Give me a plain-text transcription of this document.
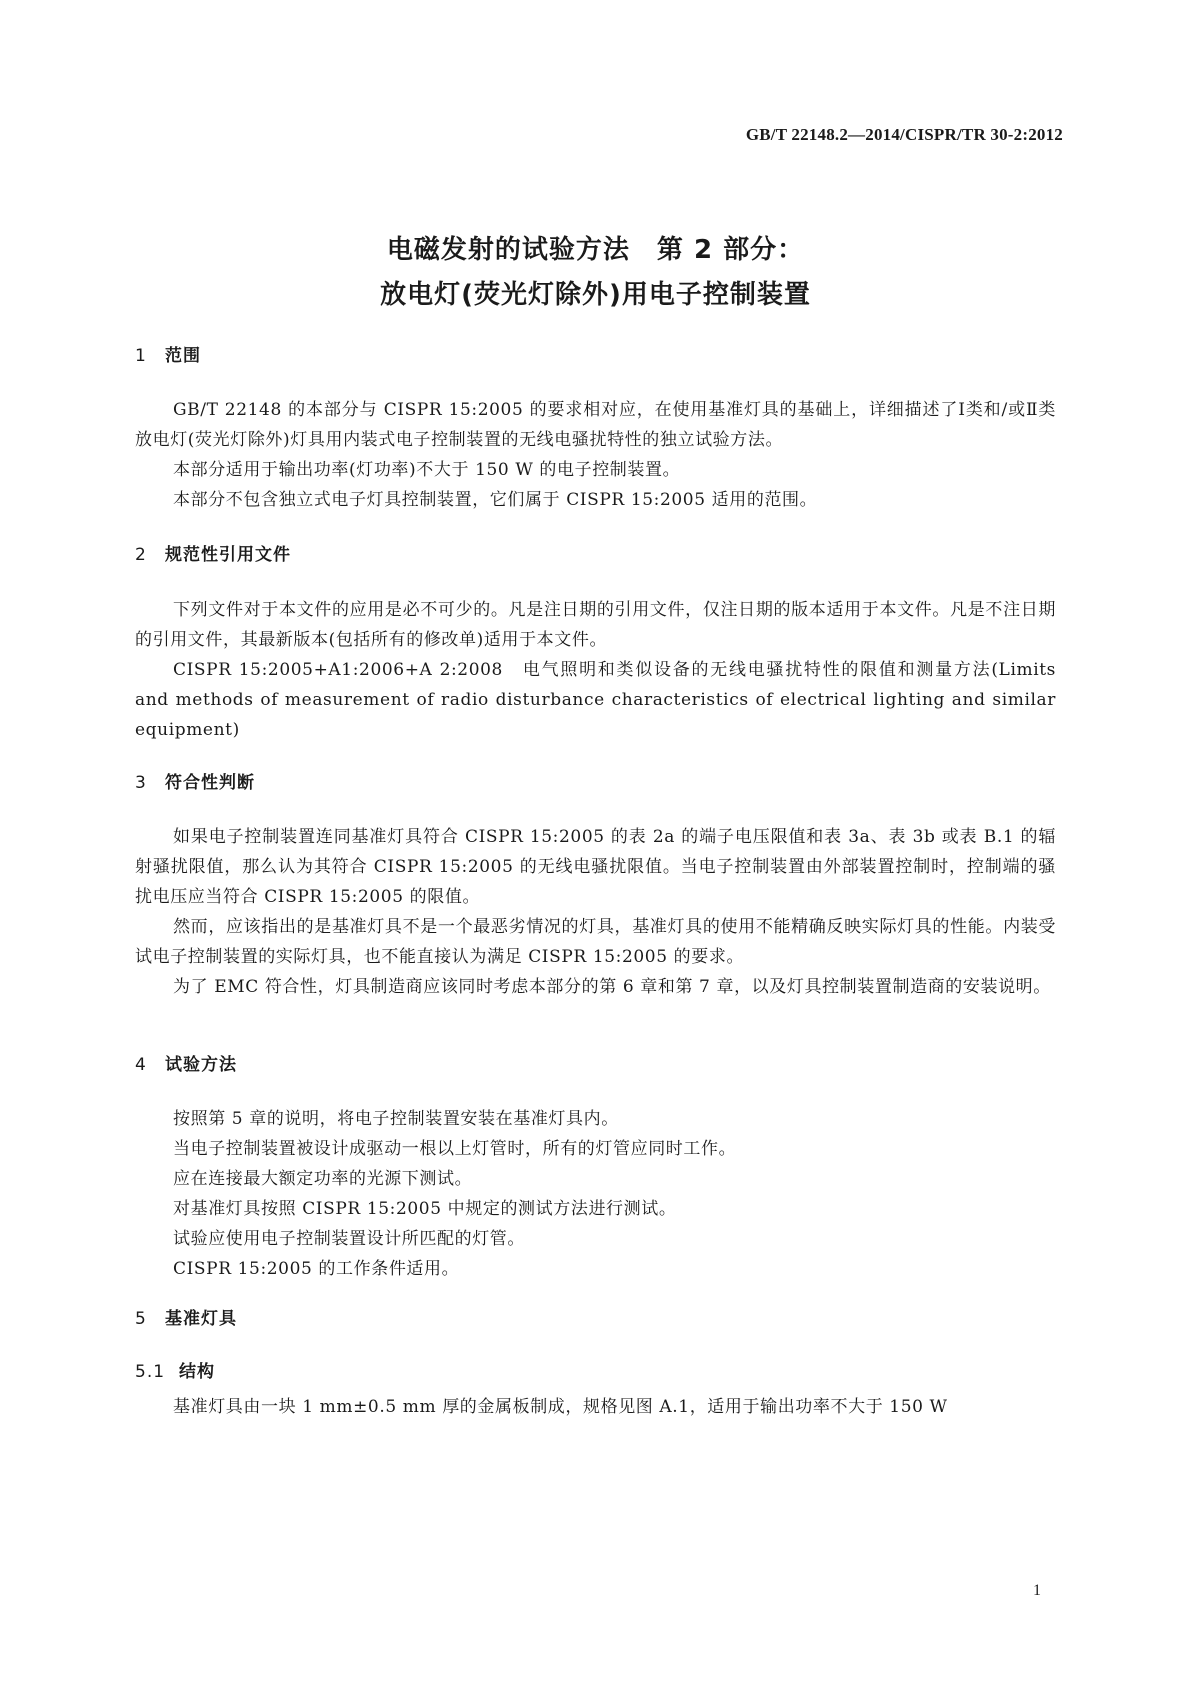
GB/T 22148.2—2014/CISPR/TR 30-2:2012
电磁发射的试验方法　第 2 部分：
放电灯(荧光灯除外)用电子控制装置
1 范围
GB/T 22148 的本部分与 CISPR 15:2005 的要求相对应，在使用基准灯具的基础上，详细描述了Ⅰ类和/或Ⅱ类放电灯(荧光灯除外)灯具用内装式电子控制装置的无线电骚扰特性的独立试验方法。
本部分适用于输出功率(灯功率)不大于 150 W 的电子控制装置。
本部分不包含独立式电子灯具控制装置，它们属于 CISPR 15:2005 适用的范围。
2 规范性引用文件
下列文件对于本文件的应用是必不可少的。凡是注日期的引用文件，仅注日期的版本适用于本文件。凡是不注日期的引用文件，其最新版本(包括所有的修改单)适用于本文件。
CISPR 15:2005+A1:2006+A 2:2008　电气照明和类似设备的无线电骚扰特性的限值和测量方法(Limits and methods of measurement of radio disturbance characteristics of electrical lighting and similar equipment)
3 符合性判断
如果电子控制装置连同基准灯具符合 CISPR 15:2005 的表 2a 的端子电压限值和表 3a、表 3b 或表 B.1 的辐射骚扰限值，那么认为其符合 CISPR 15:2005 的无线电骚扰限值。当电子控制装置由外部装置控制时，控制端的骚扰电压应当符合 CISPR 15:2005 的限值。
然而，应该指出的是基准灯具不是一个最恶劣情况的灯具，基准灯具的使用不能精确反映实际灯具的性能。内装受试电子控制装置的实际灯具，也不能直接认为满足 CISPR 15:2005 的要求。
为了 EMC 符合性，灯具制造商应该同时考虑本部分的第 6 章和第 7 章，以及灯具控制装置制造商的安装说明。
4 试验方法
按照第 5 章的说明，将电子控制装置安装在基准灯具内。
当电子控制装置被设计成驱动一根以上灯管时，所有的灯管应同时工作。
应在连接最大额定功率的光源下测试。
对基准灯具按照 CISPR 15:2005 中规定的测试方法进行测试。
试验应使用电子控制装置设计所匹配的灯管。
CISPR 15:2005 的工作条件适用。
5 基准灯具
5.1 结构
基准灯具由一块 1 mm±0.5 mm 厚的金属板制成，规格见图 A.1，适用于输出功率不大于 150 W
1
